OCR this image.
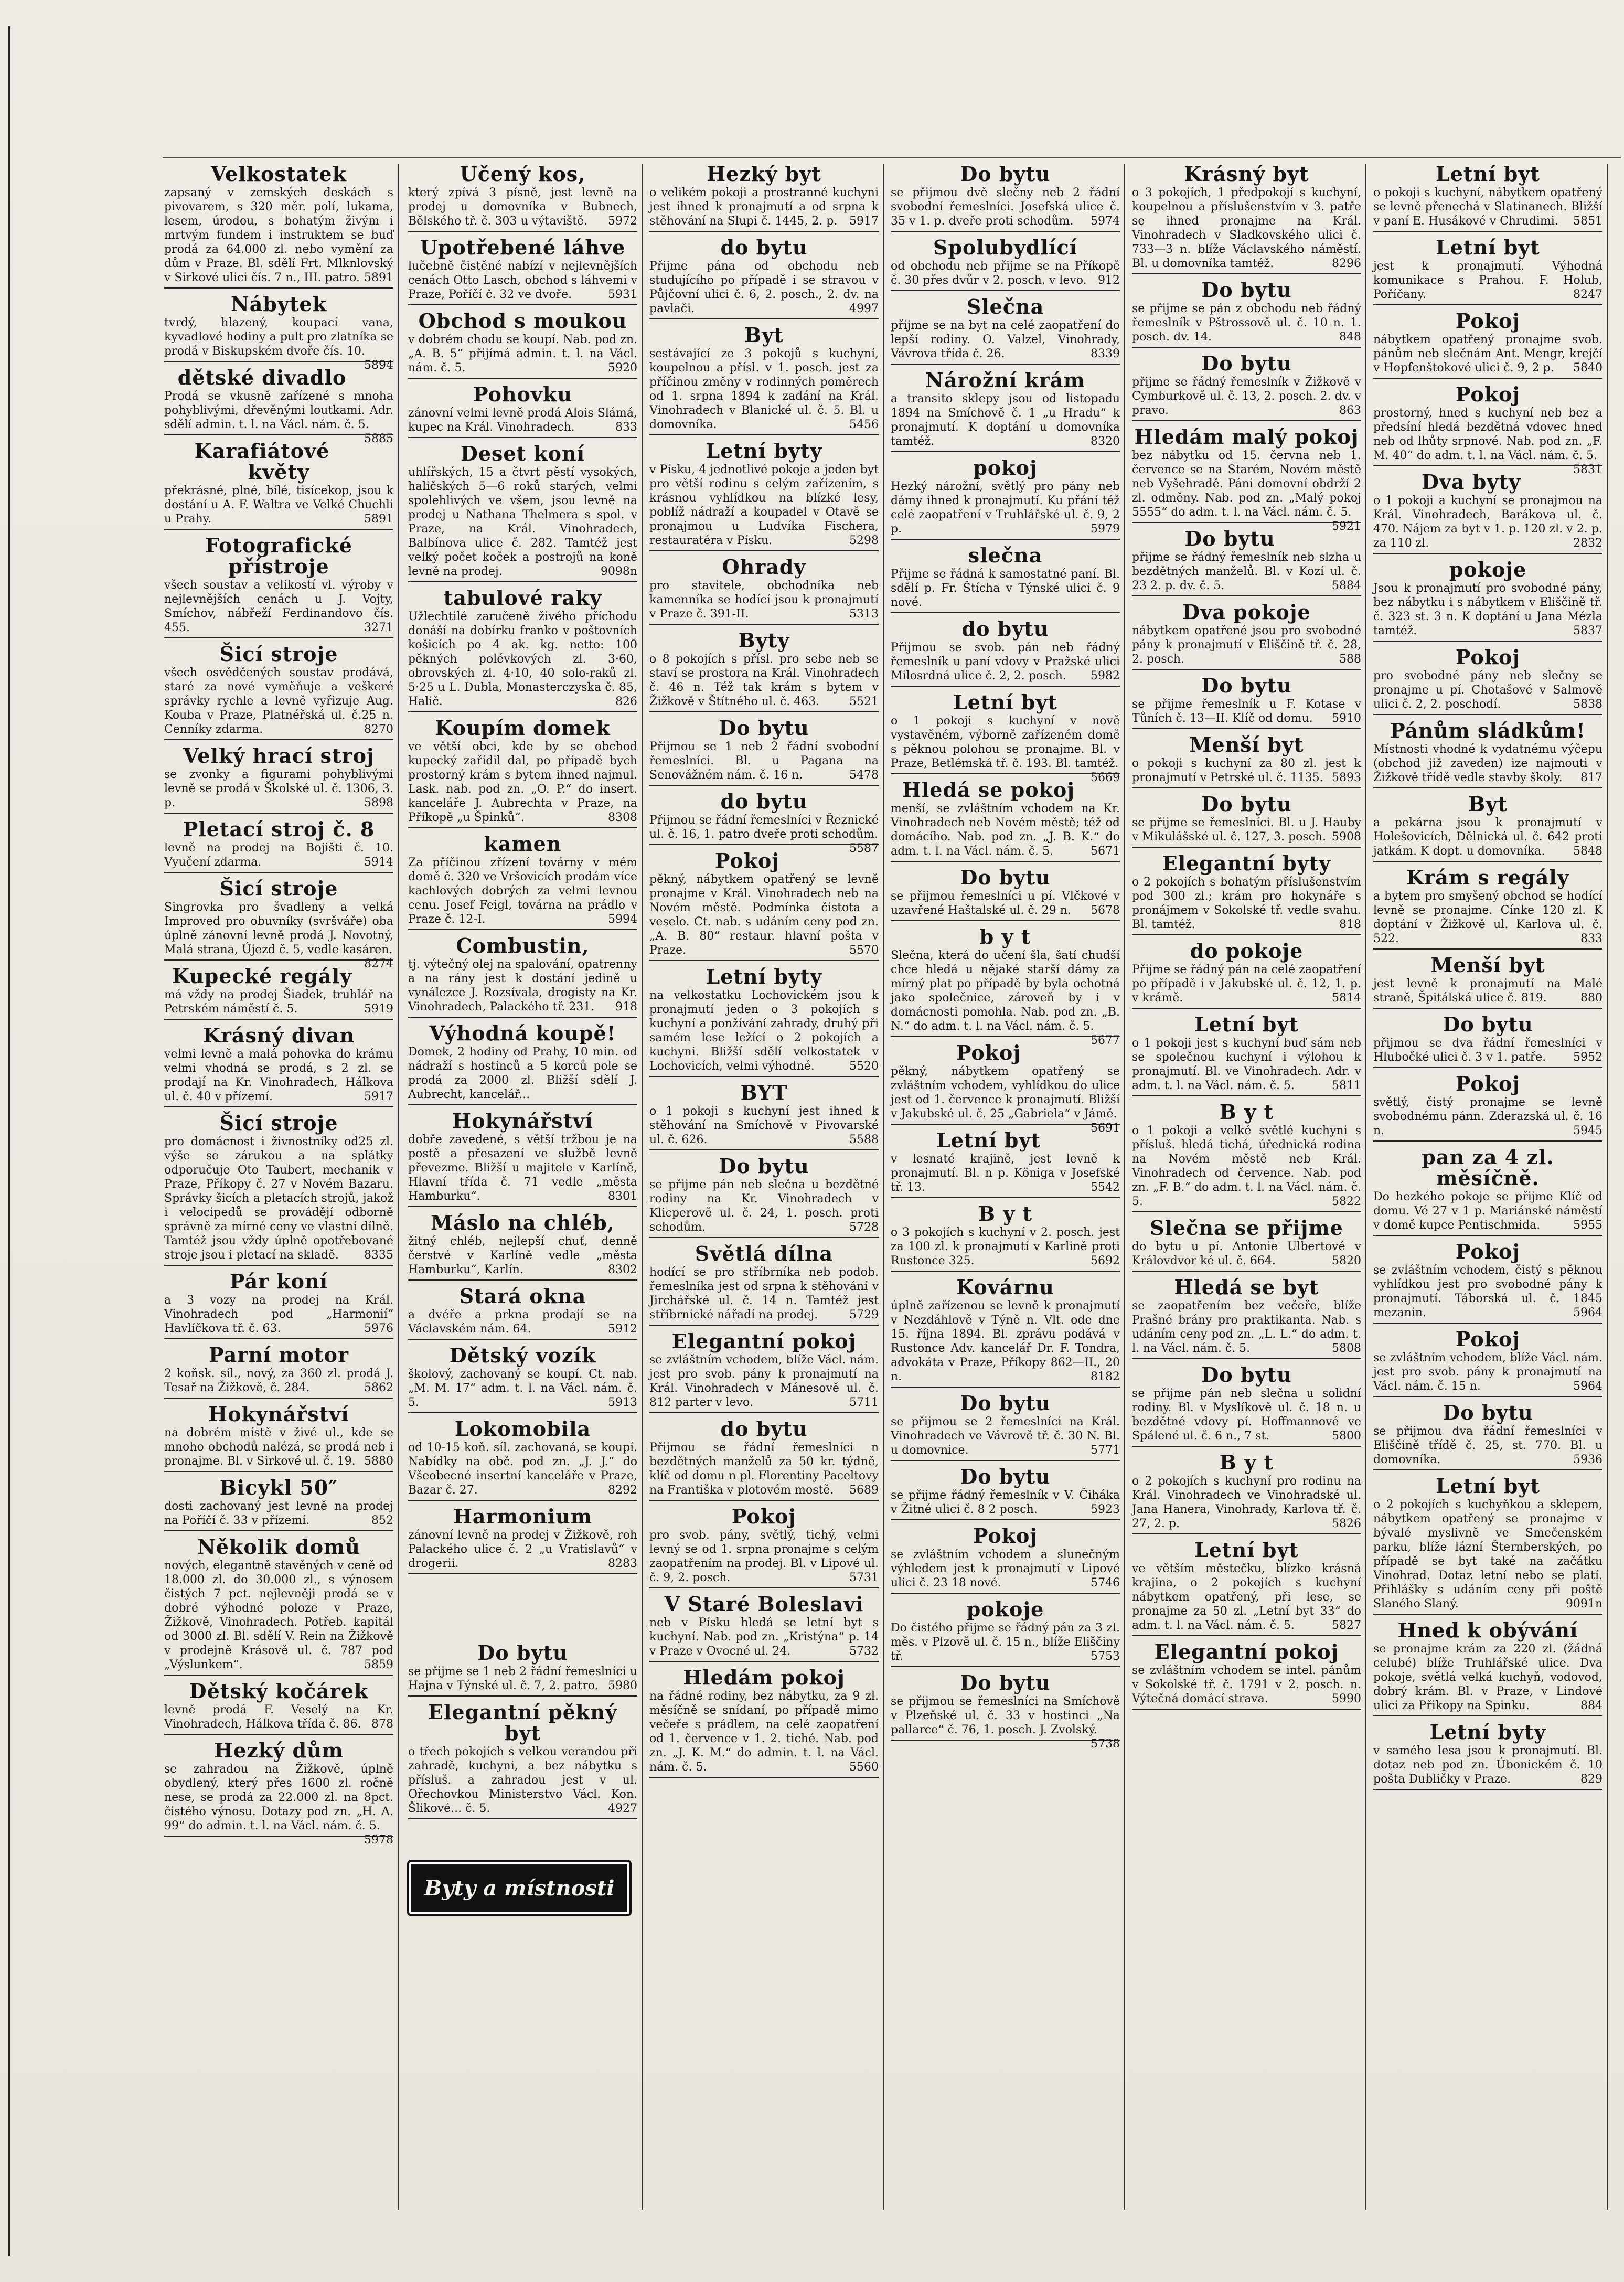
Velkostatek

zapsaný v zemských deskách s pivovarem, s 320 měr. polí, lukama, lesem, úrodou, s bohatým živým i mrtvým fundem i instruktem se buď prodá za 64.000 zl. nebo vymění za dům v Praze. Bl. sdělí Frt. Mlknlovský v Sirkové ulici čís. 7 n., III. patro. 5891

Nábytek

tvrdý, hlazený, koupací vana, kyvadlové hodiny a pult pro zlatníka se prodá v Biskupském dvoře čís. 10.
5894

dětské divadlo

Prodá se vkusně zařízené s mnoha pohyblivými, dřevěnými loutkami. Adr. sdělí admin. t. l. na Václ. nám. č. 5.
5885

Karafiátové květy

překrásné, plné, bílé, tisícekop, jsou k dostání u A. F. Waltra ve Velké Chuchli u Prahy.	5891

Fotografické přístroje

všech soustav a velikostí vl. výroby v nejlevnějších cenách u J. Vojty, Smíchov, nábřeží Ferdinandovo čís. 455.	3271

Šicí stroje

všech osvědčených soustav prodává, staré za nové vyměňuje a veškeré správky rychle a levně vyřizuje Aug. Kouba v Praze, Platnéřská ul. č.25 n. Cenníky zdarma.	8270

Velký hrací stroj

se zvonky a figurami pohyblivými levně se prodá v Školské ul. č. 1306, 3. p.	5898

Pletací stroj č. 8

levně na prodej na Bojišti č. 10. Vyučení zdarma.	5914

Šicí stroje

Singrovka pro švadleny a velká Improved pro obuvníky (svršváře) oba úplně zánovní levně prodá J. Novotný, Malá strana, Újezd č. 5, vedle kasáren.
8274

Kupecké regály

má vždy na prodej Šiadek, truhlář na Petrském náměstí č. 5.	5919

Krásný divan

velmi levně a malá pohovka do krámu velmi vhodná se prodá, s 2 zl. se prodají na Kr. Vinohradech, Hálkova ul. č. 40 v přízemí.	5917

Šicí stroje

pro domácnost i živnostníky od25 zl. výše se zárukou a na splátky odporučuje Oto Taubert, mechanik v Praze, Příkopy č. 27 v Novém Bazaru. Správky šicích a pletacích strojů, jakož i velocipedů se provádějí odborně správně za mírné ceny ve vlastní dílně. Tamtéž jsou vždy úplně opotřebované stroje jsou i pletací na skladě. 8335

Pár koní

a 3 vozy na prodej na Král. Vinohradech pod „Harmonií“ Havlíčkova tř. č. 63.	5976

Parní motor

2 koňsk. síl., nový, za 360 zl. prodá J. Tesař na Žižkově, č. 284.	5862

Hokynářství

na dobrém místě v živé ul., kde se mnoho obchodů nalézá, se prodá neb i pronajme. Bl. v Sirkové ul. č. 19. 5880

Bicykl 50″

dosti zachovaný jest levně na prodej na Poříčí č. 33 v přízemí.	852

Několik domů

nových, elegantně stavěných v ceně od 18.000 zl. do 30.000 zl., s výnosem čistých 7 pct. nejlevněji prodá se v dobré výhodné poloze v Praze, Žižkově, Vinohradech. Potřeb. kapitál od 3000 zl. Bl. sdělí V. Rein na Žižkově v prodejně Krásově ul. č. 787 pod „Výslunkem“.	5859

Dětský kočárek

levně prodá F. Veselý na Kr. Vinohradech, Hálkova třída č. 86. 878

Hezký dům

se zahradou na Žižkově, úplně obydlený, který přes 1600 zl. ročně nese, se prodá za 22.000 zl. na 8pct. čistého výnosu. Dotazy pod zn. „H. A. 99“ do admin. t. l. na Václ. nám. č. 5.
5978

Učený kos,

který zpívá 3 písně, jest levně na prodej u domovníka v Bubnech, Bělského tř. č. 303 u výtaviště. 5972

Upotřebené láhve

lučebně čistěné nabízí v nejlevnějších cenách Otto Lasch, obchod s láhvemi v Praze, Poříčí č. 32 ve dvoře.	5931

Obchod s moukou

v dobrém chodu se koupí. Nab. pod zn. „A. B. 5“ přijímá admin. t. l. na Václ. nám. č. 5.	5920

Pohovku

zánovní velmi levně prodá Alois Slámá, kupec na Král. Vinohradech.	833

Deset koní

uhlířských, 15 a čtvrt pěstí vysokých, haličských 5—6 roků starých, velmi spolehlivých ve všem, jsou levně na prodej u Nathana Thelmera s spol. v Praze, na Král. Vinohradech, Balbínova ulice č. 282. Tamtéž jest velký počet koček a postrojů na koně levně na prodej.	9098n

tabulové raky

Užlechtilé zaručeně živého příchodu donáší na dobírku franko v poštovních košicích po 4 ak. kg. netto: 100 pěkných polévkových zl. 3·60, obrovských zl. 4·10, 40 solo-raků zl. 5·25 u L. Dubla, Monasterczyska č. 85, Halič.	826

Koupím domek

ve větší obci, kde by se obchod kupecký zařídil dal, po případě bych prostorný krám s bytem ihned najmul. Lask. nab. pod zn. „O. P.“ do insert. kanceláře J. Aubrechta v Praze, na Příkopě „u Špinků“.	8308

kamen

Za příčinou zřízení továrny v mém domě č. 320 ve Vršovicích prodám více kachlových dobrých za velmi levnou cenu. Josef Feigl, továrna na prádlo v Praze č. 12-I.	5994

Combustin,

tj. výtečný olej na spalování, opatrenny a na rány jest k dostání jedině u vynálezce J. Rozsívala, drogisty na Kr. Vinohradech, Palackého tř. 231. 918

Výhodná koupě!

Domek, 2 hodiny od Prahy, 10 min. od nádraží s hostinců a 5 korců pole se prodá za 2000 zl. Bližší sdělí J. Aubrecht, kancelář...

Hokynářství

dobře zavedené, s větší tržbou je na postě a přesazení ve službě levně převezme. Bližší u majitele v Karlíně, Hlavní třída č. 71 vedle „města Hamburku“.	8301

Máslo na chléb,

žitný chléb, nejlepší chuť, denně čerstvé v Karlíně vedle „města Hamburku“, Karlín.	8302

Stará okna

a dvéře a prkna prodají se na Václavském nám. 64.	5912

Dětský vozík

školový, zachovaný se koupí. Ct. nab. „M. M. 17“ adm. t. l. na Václ. nám. č. 5.	5913

Lokomobila

od 10-15 koň. síl. zachovaná, se koupí. Nabídky na obč. pod zn. „J. J.“ do Všeobecné insertní kanceláře v Praze, Bazar č. 27.	8292

Harmonium

zánovní levně na prodej v Žižkově, roh Palackého ulice č. 2 „u Vratislavů“ v drogerii.	8283

Do bytu

se přijme se 1 neb 2 řádní řemeslníci u Hajna v Týnské ul. č. 7, 2. patro. 5980

Elegantní pěkný byt

o třech pokojích s velkou verandou při zahradě, kuchyni, a bez nábytku s přísluš. a zahradou jest v ul. Ořechovkou Ministerstvo Václ. Kon. Šlikové... č. 5.	4927

Hezký byt

o velikém pokoji a prostranné kuchyni jest ihned k pronajmutí a od srpna k stěhování na Slupi č. 1445, 2. p. 5917

do bytu

Přijme pána od obchodu neb studujícího po případě i se stravou v Půjčovní ulici č. 6, 2. posch., 2. dv. na pavlači.	4997

Byt

sestávající ze 3 pokojů s kuchyní, koupelnou a přísl. v 1. posch. jest za příčinou změny v rodinných poměrech od 1. srpna 1894 k zadání na Král. Vinohradech v Blanické ul. č. 5. Bl. u domovníka.	5456

Letní byty

v Písku, 4 jednotlivé pokoje a jeden byt pro větší rodinu s celým zařízením, s krásnou vyhlídkou na blízké lesy, poblíž nádraží a koupadel v Otavě se pronajmou u Ludvíka Fischera, restauratéra v Písku.	5298

Ohrady

pro stavitele, obchodníka neb kamenníka se hodící jsou k pronajmutí v Praze č. 391-II.	5313

Byty

o 8 pokojích s přísl. pro sebe neb se staví se prostora na Král. Vinohradech č. 46 n. Též tak krám s bytem v Žižkově v Štítného ul. č. 463.	5521

Do bytu

Přijmou se 1 neb 2 řádní svobodní řemeslníci. Bl. u Pagana na Senovážném nám. č. 16 n.	5478

do bytu

Přijmou se řádní řemeslníci v Řeznické ul. č. 16, 1. patro dveře proti schodům.
5587

Pokoj

pěkný, nábytkem opatřený se levně pronajme v Král. Vinohradech neb na Novém městě. Podmínka čistota a veselo. Ct. nab. s udáním ceny pod zn. „A. B. 80“ restaur. hlavní pošta v Praze.	5570

Letní byty

na velkostatku Lochovickém jsou k pronajmutí jeden o 3 pokojích s kuchyní a ponžívání zahrady, druhý při samém lese ležící o 2 pokojích a kuchyni. Bližší sdělí velkostatek v Lochovicích, velmi výhodné.	5520

BYT

o 1 pokoji s kuchyní jest ihned k stěhování na Smíchově v Pivovarské ul. č. 626.	5588

Do bytu

se přijme pán neb slečna u bezdětné rodiny na Kr. Vinohradech v Klicperově ul. č. 24, 1. posch. proti schodům.	5728

Světlá dílna

hodící se pro stříbrníka neb podob. řemeslníka jest od srpna k stěhování v Jirchářské ul. č. 14 n. Tamtéž jest stříbrnické nářadí na prodej.	5729

Elegantní pokoj

se zvláštním vchodem, blíže Václ. nám. jest pro svob. pány k pronajmutí na Král. Vinohradech v Mánesově ul. č. 812 parter v levo.	5711

do bytu

Přijmou se řádní řemeslníci n bezdětných manželů za 50 kr. týdně, klíč od domu n pl. Florentiny Paceltovy na Františka v plotovém mostě. 5689

Pokoj

pro svob. pány, světlý, tichý, velmi levný se od 1. srpna pronajme s celým zaopatřením na prodej. Bl. v Lipové ul. č. 9, 2. posch.	5731

V Staré Boleslavi

neb v Písku hledá se letní byt s kuchyní. Nab. pod zn. „Kristýna“ p. 14 v Praze v Ovocné ul. 24.	5732

Hledám pokoj

na řádné rodiny, bez nábytku, za 9 zl. měsíčně se snídaní, po případě mimo večeře s prádlem, na celé zaopatření od 1. července v 1. 2. tiché. Nab. pod zn. „J. K. M.“ do admin. t. l. na Václ. nám. č. 5.	5560

Do bytu

se přijmou dvě slečny neb 2 řádní svobodní řemeslníci. Josefská ulice č. 35 v 1. p. dveře proti schodům. 5974

Spolubydlící

od obchodu neb přijme se na Příkopě č. 30 přes dvůr v 2. posch. v levo. 912

Slečna

přijme se na byt na celé zaopatření do lepší rodiny. O. Valzel, Vinohrady, Vávrova třída č. 26.	8339

Nárožní krám

a transito sklepy jsou od listopadu 1894 na Smíchově č. 1 „u Hradu“ k pronajmutí. K doptání u domovníka tamtéž.	8320

pokoj

Hezký nárožní, světlý pro pány neb dámy ihned k pronajmutí. Ku přání též celé zaopatření v Truhlářské ul. č. 9, 2 p.	5979

slečna

Přijme se řádná k samostatné paní. Bl. sdělí p. Fr. Štícha v Týnské ulici č. 9 nové.

do bytu

Přijmou se svob. pán neb řádný řemeslník u paní vdovy v Pražské ulici Milosrdná ulice č. 2, 2. posch. 5982

Letní byt

o 1 pokoji s kuchyní v nově vystavěném, výborně zařízeném domě s pěknou polohou se pronajme. Bl. v Praze, Betlémská tř. č. 193. Bl. tamtéž.
5669

Hledá se pokoj

menší, se zvláštním vchodem na Kr. Vinohradech neb Novém městě; též od domácího. Nab. pod zn. „J. B. K.“ do adm. t. l. na Václ. nám. č. 5.	5671

Do bytu

se přijmou řemeslníci u pí. Vlčkové v uzavřené Haštalské ul. č. 29 n. 5678

b y t

Slečna, která do učení šla, šatí chudší chce hledá u nějaké starší dámy za mírný plat po případě by byla ochotná jako společnice, zároveň by i v domácnosti pomohla. Nab. pod zn. „B. N.“ do adm. t. l. na Václ. nám. č. 5.
5677

Pokoj

pěkný, nábytkem opatřený se zvláštním vchodem, vyhlídkou do ulice jest od 1. července k pronajmutí. Bližší v Jakubské ul. č. 25 „Gabriela“ v Jámě.
5691

Letní byt

v lesnaté krajině, jest levně k pronajmutí. Bl. n p. Königa v Josefské tř. 13.	5542

B y t

o 3 pokojích s kuchyní v 2. posch. jest za 100 zl. k pronajmutí v Karlině proti Rustonce 325.	5692

Kovárnu

úplně zařízenou se levně k pronajmutí v Nezdáhlově v Týně n. Vlt. ode dne 15. října 1894. Bl. zprávu podává v Rustonce Adv. kancelář Dr. F. Tondra, advokáta v Praze, Příkopy 862—II., 20 n.	8182

Do bytu

se přijmou se 2 řemeslníci na Král. Vinohradech ve Vávrově tř. č. 30 N. Bl. u domovnice.	5771

Do bytu

se přijme řádný řemeslník v V. Čiháka v Žitné ulici č. 8 2 posch.	5923

Pokoj

se zvláštním vchodem a slunečným výhledem jest k pronajmutí v Lipové ulici č. 23 18 nové.	5746

pokoje

Do čistého přijme se řádný pán za 3 zl. měs. v Plzově ul. č. 15 n., blíže Eliščiny tř.	5753

Do bytu

se přijmou se řemeslníci na Smíchově v Plzeňské ul. č. 33 v hostinci „Na pallarce“ č. 76, 1. posch. J. Zvolský.
5738

Krásný byt

o 3 pokojích, 1 předpokojí s kuchyní, koupelnou a příslušenstvím v 3. patře se ihned pronajme na Král. Vinohradech v Sladkovského ulici č. 733—3 n. blíže Václavského náměstí. Bl. u domovníka tamtéž.	8296

Do bytu

se přijme se pán z obchodu neb řádný řemeslník v Pštrossově ul. č. 10 n. 1. posch. dv. 14.	848

Do bytu

přijme se řádný řemeslník v Žižkově v Cymburkově ul. č. 13, 2. posch. 2. dv. v pravo.	863

Hledám malý pokoj

bez nábytku od 15. června neb 1. července se na Starém, Novém městě neb Vyšehradě. Páni domovní obdrží 2 zl. odměny. Nab. pod zn. „Malý pokoj 5555“ do adm. t. l. na Václ. nám. č. 5.
5921

Do bytu

přijme se řádný řemeslník neb slzha u bezdětných manželů. Bl. v Kozí ul. č. 23 2. p. dv. č. 5.	5884

Dva pokoje

nábytkem opatřené jsou pro svobodné pány k pronajmutí v Eliščině tř. č. 28, 2. posch.	588

Do bytu

se přijme řemeslník u F. Kotase v Tůních č. 13—II. Klíč od domu. 5910

Menší byt

o pokoji s kuchyní za 80 zl. jest k pronajmutí v Petrské ul. č. 1135. 5893

Do bytu

se přijme se řemeslníci. Bl. u J. Hauby v Mikulášské ul. č. 127, 3. posch. 5908

Elegantní byty

o 2 pokojích s bohatým příslušenstvím pod 300 zl.; krám pro hokynáře s pronájmem v Sokolské tř. vedle svahu. Bl. tamtéž.	818

do pokoje

Přijme se řádný pán na celé zaopatření po případě i v Jakubské ul. č. 12, 1. p. v krámě.	5814

Letní byt

o 1 pokoji jest s kuchyní buď sám neb se společnou kuchyní i výlohou k pronajmutí. Bl. ve Vinohradech. Adr. v adm. t. l. na Václ. nám. č. 5.	5811

B y t

o 1 pokoji a velké světlé kuchyni s přísluš. hledá tichá, úřednická rodina na Novém městě neb Král. Vinohradech od července. Nab. pod zn. „F. B.“ do adm. t. l. na Václ. nám. č. 5.	5822

Slečna se přijme

do bytu u pí. Antonie Ulbertové v Královdvor ké ul. č. 664.	5820

Hledá se byt

se zaopatřením bez večeře, blíže Prašné brány pro praktikanta. Nab. s udáním ceny pod zn. „L. L.“ do adm. t. l. na Václ. nám. č. 5.	5808

Do bytu

se přijme pán neb slečna u solidní rodiny. Bl. v Myslíkově ul. č. 18 n. u bezdětné vdovy pí. Hoffmannové ve Spálené ul. č. 6 n., 7 st.	5800

B y t

o 2 pokojích s kuchyní pro rodinu na Král. Vinohradech ve Vinohradské ul. Jana Hanera, Vinohrady, Karlova tř. č. 27, 2. p.	5826

Letní byt

ve větším městečku, blízko krásná krajina, o 2 pokojích s kuchyní nábytkem opatřený, při lese, se pronajme za 50 zl. „Letní byt 33“ do adm. t. l. na Václ. nám. č. 5.	5827

Elegantní pokoj

se zvláštním vchodem se intel. pánům v Sokolské tř. č. 1791 v 2. posch. n. Výtečná domácí strava.	5990

Letní byt

o pokoji s kuchyní, nábytkem opatřený se levně přenechá v Slatinanech. Bližší v paní E. Husákové v Chrudimi. 5851

Letní byt

jest k pronajmutí. Výhodná komunikace s Prahou. F. Holub, Poříčany.	8247

Pokoj

nábytkem opatřený pronajme svob. pánům neb slečnám Ant. Mengr, krejčí v Hopfenštokové ulici č. 9, 2 p. 5840

Pokoj

prostorný, hned s kuchyní neb bez a předsíní hledá bezdětná vdovec hned neb od lhůty srpnové. Nab. pod zn. „F. M. 40“ do adm. t. l. na Václ. nám. č. 5.
5831

Dva byty

o 1 pokoji a kuchyní se pronajmou na Král. Vinohradech, Barákova ul. č. 470. Nájem za byt v 1. p. 120 zl. v 2. p. za 110 zl.	2832

pokoje

Jsou k pronajmutí pro svobodné pány, bez nábytku i s nábytkem v Eliščině tř. č. 323 st. 3 n. K doptání u Jana Mézla tamtéž.	5837

Pokoj

pro svobodné pány neb slečny se pronajme u pí. Chotašové v Salmově ulici č. 2, 2. poschodí.	5838

Pánům sládkům!

Místnosti vhodné k vydatnému výčepu (obchod již zaveden) ize najmouti v Žižkově třídě vedle stavby školy. 817

Byt

a pekárna jsou k pronajmutí v Holešovicích, Dělnická ul. č. 642 proti jatkám. K dopt. u domovníka. 5848

Krám s regály

a bytem pro smyšený obchod se hodící levně se pronajme. Cínke 120 zl. K doptání v Žižkově ul. Karlova ul. č. 522.	833

Menší byt

jest levně k pronajmutí na Malé straně, Špitálská ulice č. 819.	880

Do bytu

přijmou se dva řádní řemeslníci v Hlubočké ulici č. 3 v 1. patře. 5952

Pokoj

světlý, čistý pronajme se levně svobodnému pánn. Zderazská ul. č. 16 n.	5945

pan za 4 zl. měsíčně.

Do hezkého pokoje se přijme Klíč od domu. Vé 27 v 1 p. Mariánské náměstí v domě kupce Pentischmida.	5955

Pokoj

se zvláštním vchodem, čistý s pěknou vyhlídkou jest pro svobodné pány k pronajmutí. Táborská ul. č. 1845 mezanin.	5964

Pokoj

se zvláštním vchodem, blíže Václ. nám. jest pro svob. pány k pronajmutí na Václ. nám. č. 15 n.	5964

Do bytu

se přijmou dva řádní řemeslníci v Eliščině třídě č. 25, st. 770. Bl. u domovníka.	5936

Letní byt

o 2 pokojích s kuchyňkou a sklepem, nábytkem opatřený se pronajme v bývalé myslivně ve Smečenském parku, blíže lázní Šternberských, po případě se byt také na začátku Vinohrad. Dotaz letní nebo se platí. Přihlášky s udáním ceny při poště Slaného Slaný.	9091n

Hned k obývání

se pronajme krám za 220 zl. (žádná celubé) blíže Truhlářské ulice. Dva pokoje, světlá velká kuchyň, vodovod, dobrý krám. Bl. v Praze, v Lindové ulici za Přikopy na Spinku.	884

Letní byty

v samého lesa jsou k pronajmutí. Bl. dotaz neb pod zn. Úbonickém č. 10 pošta Dubličky v Praze.	829

Byty a místnosti
